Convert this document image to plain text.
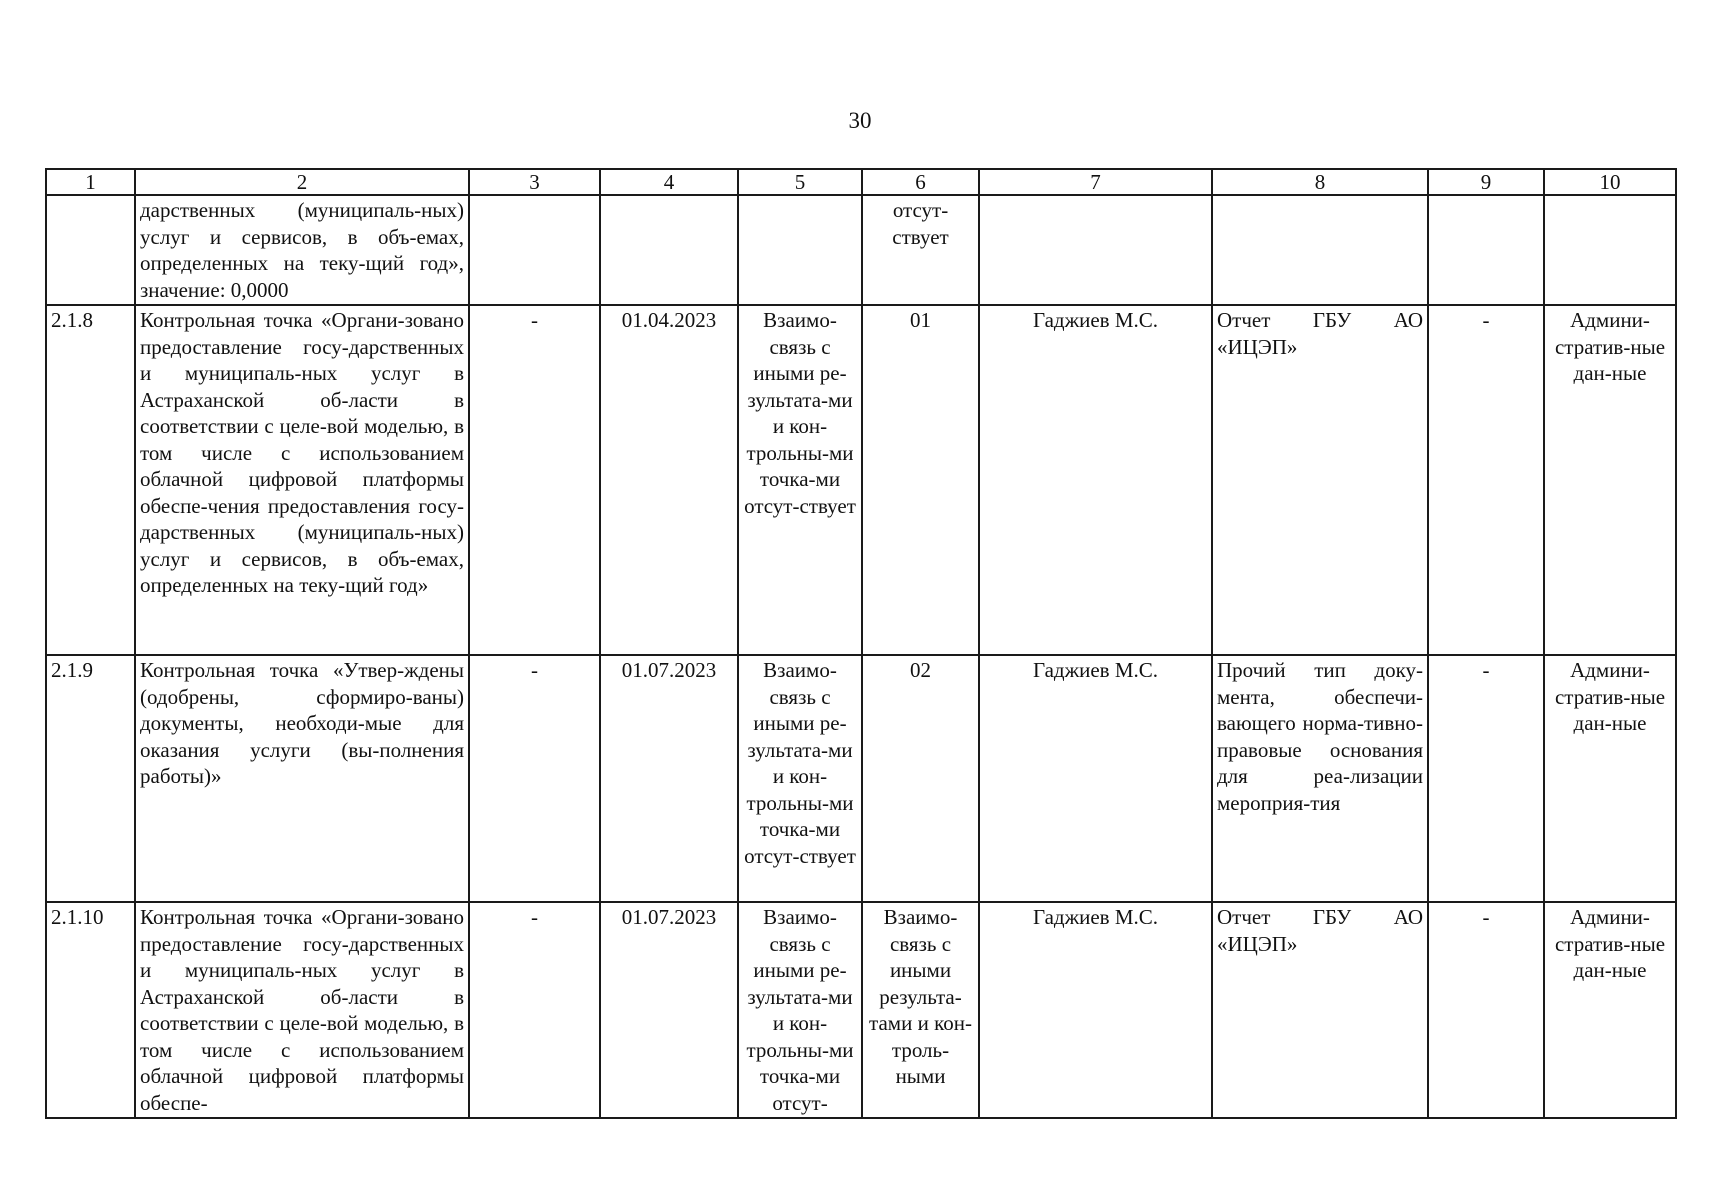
30
1	2	3	4	5	6	7	8	9	10
	дарственных (муниципаль-ных) услуг и сервисов, в объ-емах, определенных на теку-щий год», значение: 0,0000				отсут-ствует				
2.1.8	Контрольная точка «Органи-зовано предоставление госу-дарственных и муниципаль-ных услуг в Астраханской об-ласти в соответствии с целе-вой моделью, в том числе с использованием облачной цифровой платформы обеспе-чения предоставления госу-дарственных (муниципаль-ных) услуг и сервисов, в объ-емах, определенных на теку-щий год»	-	01.04.2023	Взаимо-связь с иными ре-зультата-ми и кон-трольны-ми точка-ми отсут-ствует	01	Гаджиев М.С.	Отчет ГБУ АО «ИЦЭП»	-	Админи-стратив-ные дан-ные
2.1.9	Контрольная точка «Утвер-ждены (одобрены, сформиро-ваны) документы, необходи-мые для оказания услуги (вы-полнения работы)»	-	01.07.2023	Взаимо-связь с иными ре-зультата-ми и кон-трольны-ми точка-ми отсут-ствует	02	Гаджиев М.С.	Прочий тип доку-мента, обеспечи-вающего норма-тивно-правовые основания для реа-лизации мероприя-тия	-	Админи-стратив-ные дан-ные
2.1.10	Контрольная точка «Органи-зовано предоставление госу-дарственных и муниципаль-ных услуг в Астраханской об-ласти в соответствии с целе-вой моделью, в том числе с использованием облачной цифровой платформы обеспе-	-	01.07.2023	Взаимо-связь с иными ре-зультата-ми и кон-трольны-ми точка-ми отсут-	Взаимо-связь с иными результа-тами и кон-троль-ными	Гаджиев М.С.	Отчет ГБУ АО «ИЦЭП»	-	Админи-стратив-ные дан-ные
